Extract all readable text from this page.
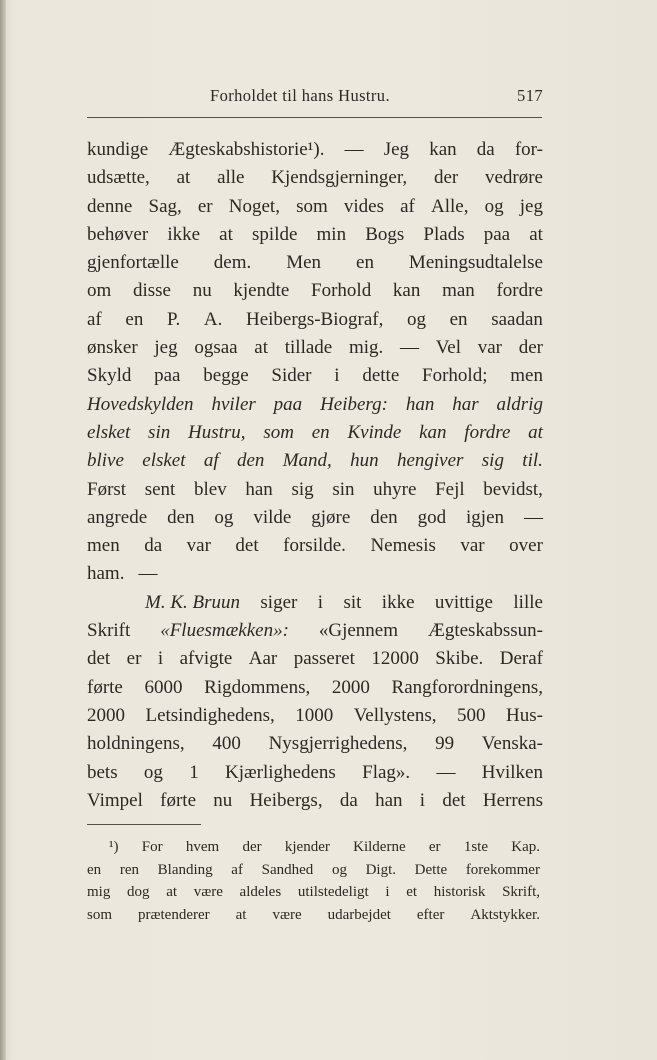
Forholdet til hans Hustru.	517
kundige Ægteskabshistorie¹). — Jeg kan da for-
udsætte, at alle Kjendsgjerninger, der vedrøre
denne Sag, er Noget, som vides af Alle, og jeg
behøver ikke at spilde min Bogs Plads paa at
gjenfortælle dem. Men en Meningsudtalelse
om disse nu kjendte Forhold kan man fordre
af en P. A. Heibergs-Biograf, og en saadan
ønsker jeg ogsaa at tillade mig. — Vel var der
Skyld paa begge Sider i dette Forhold; men
Hovedskylden hviler paa Heiberg: han har aldrig
elsket sin Hustru, som en Kvinde kan fordre at
blive elsket af den Mand, hun hengiver sig til.
Først sent blev han sig sin uhyre Fejl bevidst,
angrede den og vilde gjøre den god igjen —
men da var det forsilde. Nemesis var over
ham. —
M. K. Bruun siger i sit ikke uvittige lille
Skrift «Fluesmækken»: «Gjennem Ægteskabssun-
det er i afvigte Aar passeret 12000 Skibe. Deraf
førte 6000 Rigdommens, 2000 Rangforordningens,
2000 Letsindighedens, 1000 Vellystens, 500 Hus-
holdningens, 400 Nysgjerrighedens, 99 Venska-
bets og 1 Kjærlighedens Flag». — Hvilken
Vimpel førte nu Heibergs, da han i det Herrens
¹) For hvem der kjender Kilderne er 1ste Kap.
en ren Blanding af Sandhed og Digt. Dette forekommer
mig dog at være aldeles utilstedeligt i et historisk Skrift,
som prætenderer at være udarbejdet efter Aktstykker.
